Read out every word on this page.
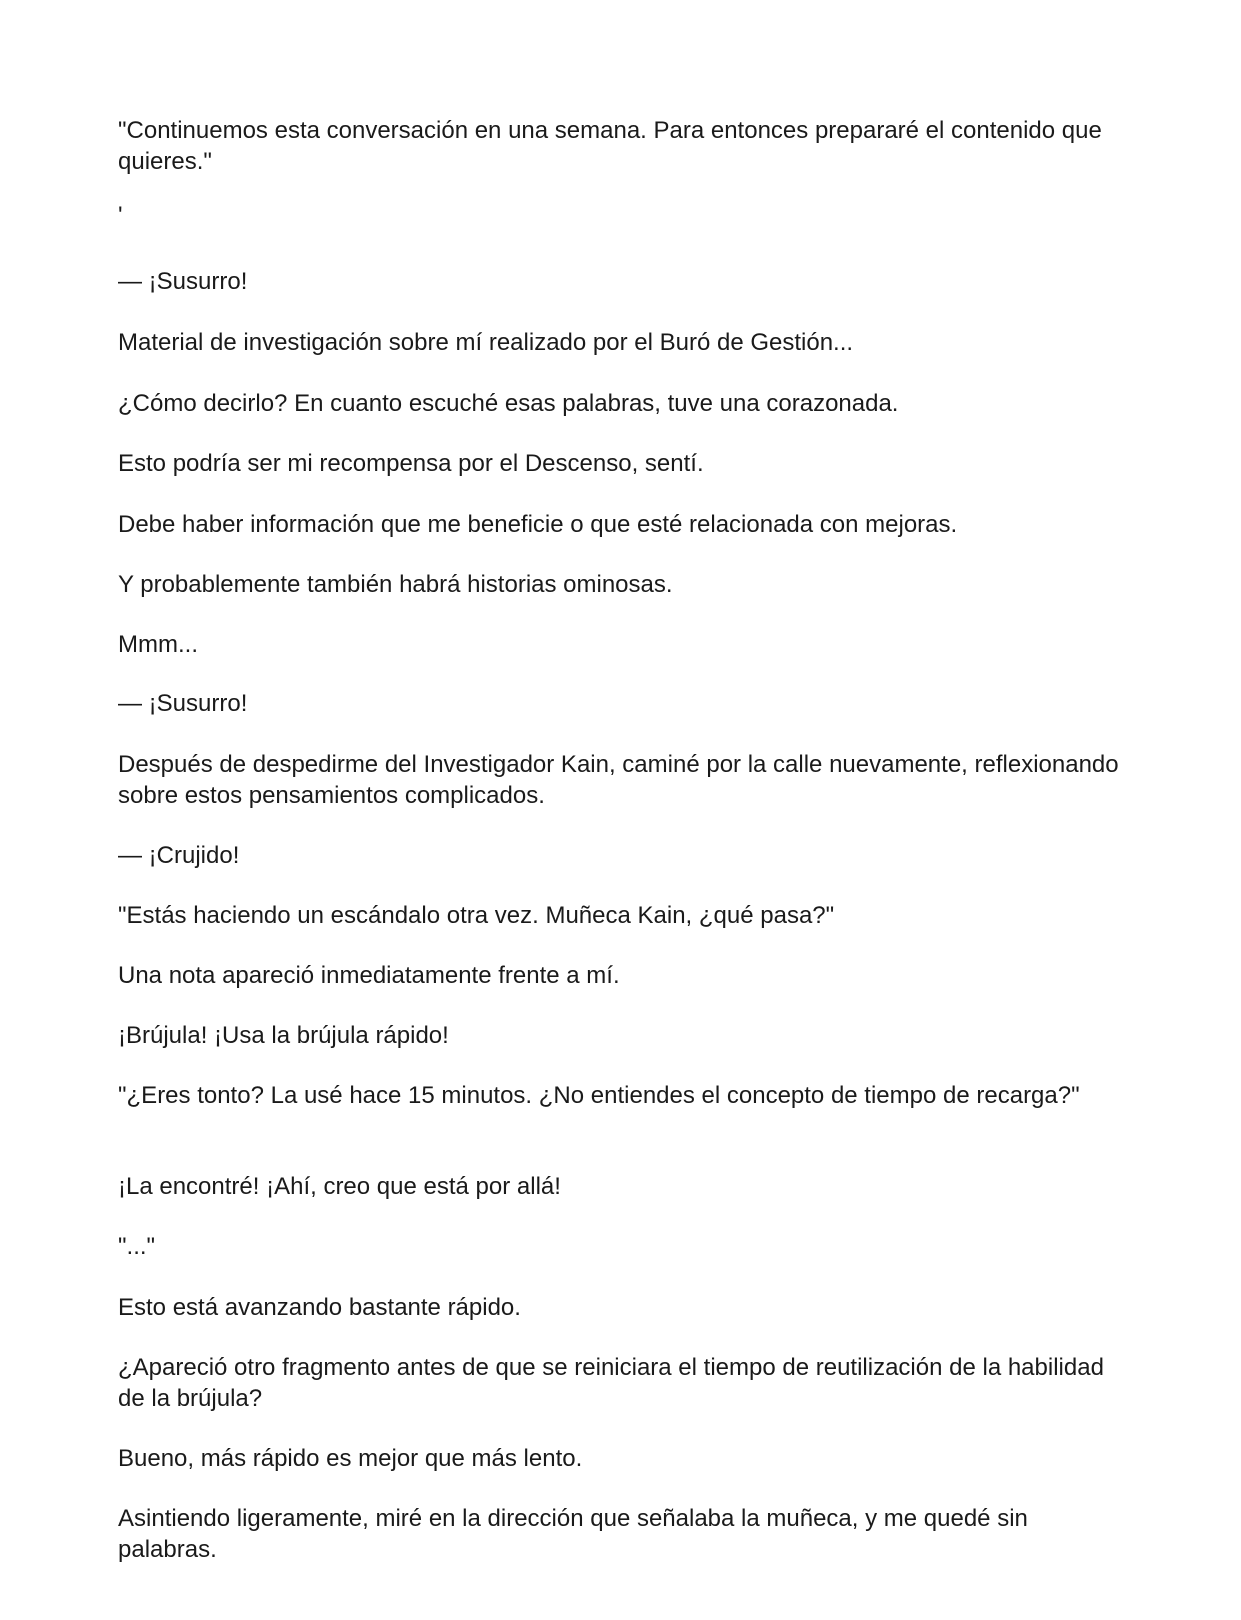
"Continuemos esta conversación en una semana. Para entonces prepararé el contenido que quieres."

'

— ¡Susurro!

Material de investigación sobre mí realizado por el Buró de Gestión...

¿Cómo decirlo? En cuanto escuché esas palabras, tuve una corazonada.

Esto podría ser mi recompensa por el Descenso, sentí.

Debe haber información que me beneficie o que esté relacionada con mejoras.

Y probablemente también habrá historias ominosas.

Mmm...

— ¡Susurro!

Después de despedirme del Investigador Kain, caminé por la calle nuevamente, reflexionando sobre estos pensamientos complicados.

— ¡Crujido!

"Estás haciendo un escándalo otra vez. Muñeca Kain, ¿qué pasa?"

Una nota apareció inmediatamente frente a mí.

¡Brújula! ¡Usa la brújula rápido!

"¿Eres tonto? La usé hace 15 minutos. ¿No entiendes el concepto de tiempo de recarga?"

¡La encontré! ¡Ahí, creo que está por allá!

"..."

Esto está avanzando bastante rápido.

¿Apareció otro fragmento antes de que se reiniciara el tiempo de reutilización de la habilidad de la brújula?

Bueno, más rápido es mejor que más lento.

Asintiendo ligeramente, miré en la dirección que señalaba la muñeca, y me quedé sin palabras.
